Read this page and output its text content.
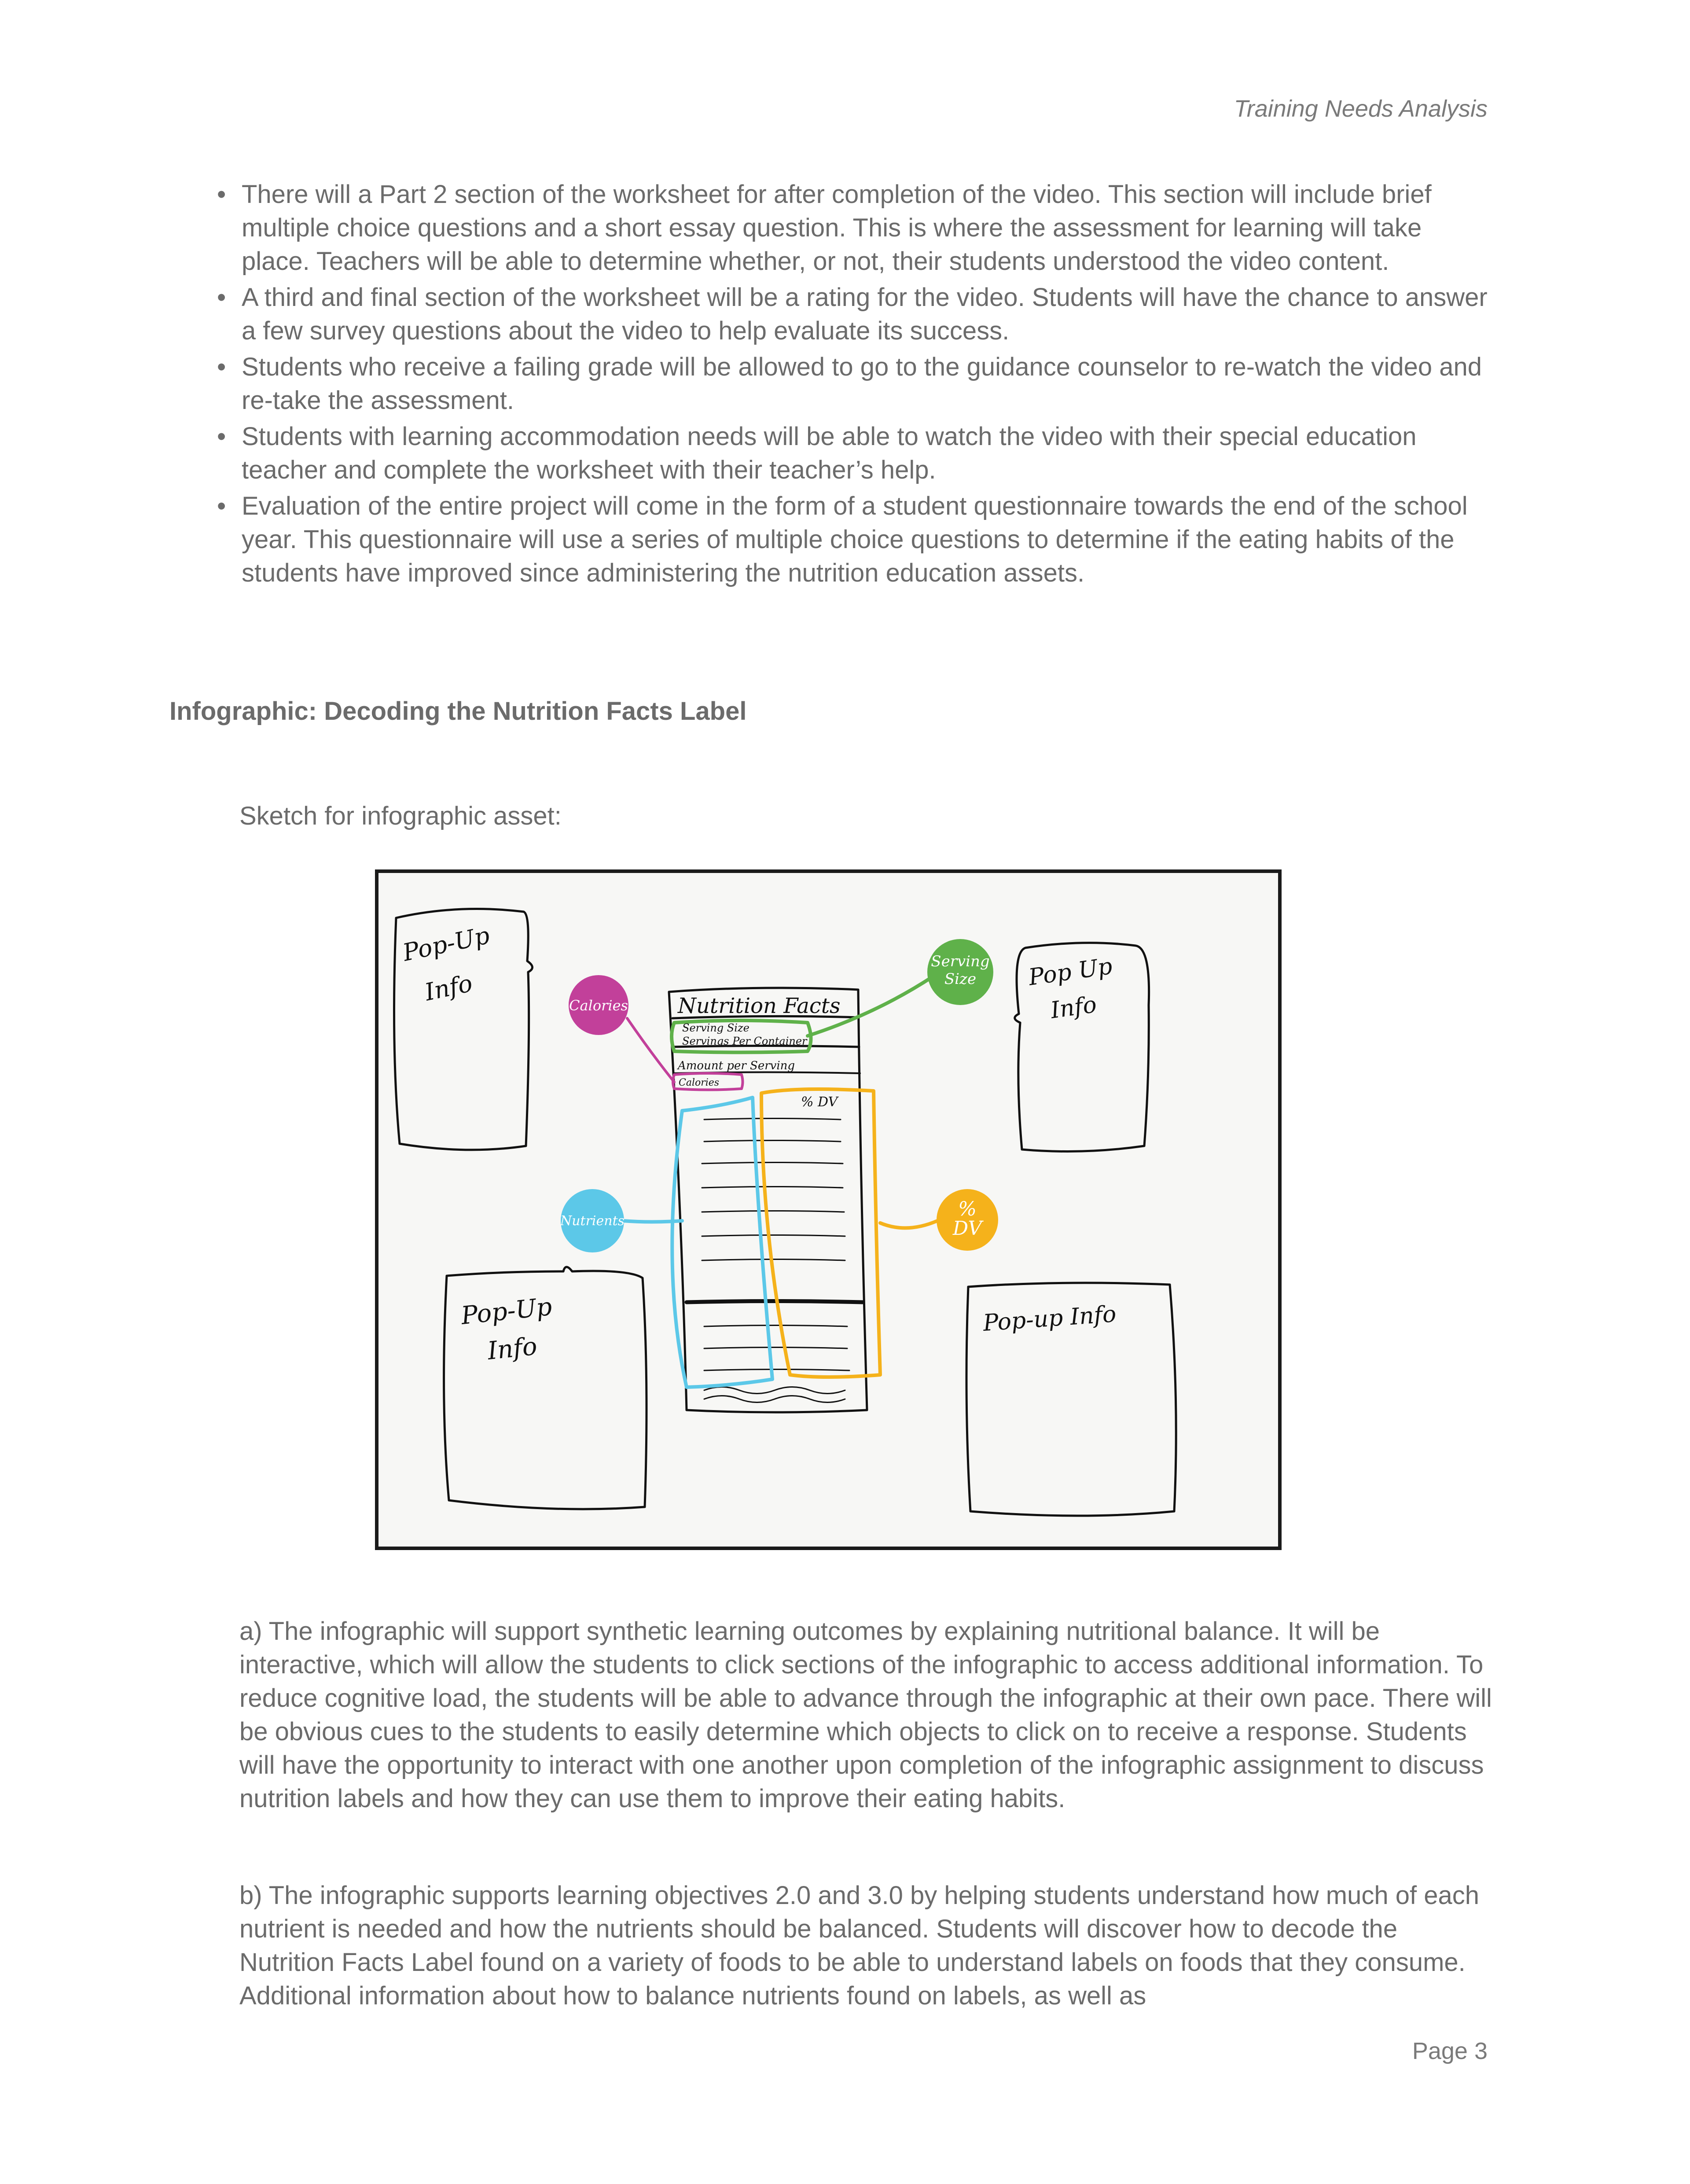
Training Needs Analysis

• There will a Part 2 section of the worksheet for after completion of the video. This section will include brief multiple choice questions and a short essay question. This is where the assessment for learning will take place. Teachers will be able to determine whether, or not, their students understood the video content.
• A third and final section of the worksheet will be a rating for the video. Students will have the chance to answer a few survey questions about the video to help evaluate its success.
• Students who receive a failing grade will be allowed to go to the guidance counselor to re-watch the video and re-take the assessment.
• Students with learning accommodation needs will be able to watch the video with their special education teacher and complete the worksheet with their teacher’s help.
• Evaluation of the entire project will come in the form of a student questionnaire towards the end of the school year. This questionnaire will use a series of multiple choice questions to determine if the eating habits of the students have improved since administering the nutrition education assets.
Infographic: Decoding the Nutrition Facts Label

Sketch for infographic asset:

Pop-Up
Info	Pop Up
Info
Pop-Up
Info
Pop-up Info
Calories
Serving
Size
Nutrients
%
DV
Nutrition Facts
Serving Size
Servings Per Container
Amount per Serving
Calories
% DV

a) The infographic will support synthetic learning outcomes by explaining nutritional balance. It will be interactive, which will allow the students to click sections of the infographic to access additional information. To reduce cognitive load, the students will be able to advance through the infographic at their own pace. There will be obvious cues to the students to easily determine which objects to click on to receive a response. Students will have the opportunity to interact with one another upon completion of the infographic assignment to discuss nutrition labels and how they can use them to improve their eating habits.

b) The infographic supports learning objectives 2.0 and 3.0 by helping students understand how much of each nutrient is needed and how the nutrients should be balanced. Students will discover how to decode the Nutrition Facts Label found on a variety of foods to be able to understand labels on foods that they consume. Additional information about how to balance nutrients found on labels, as well as

Page 3
